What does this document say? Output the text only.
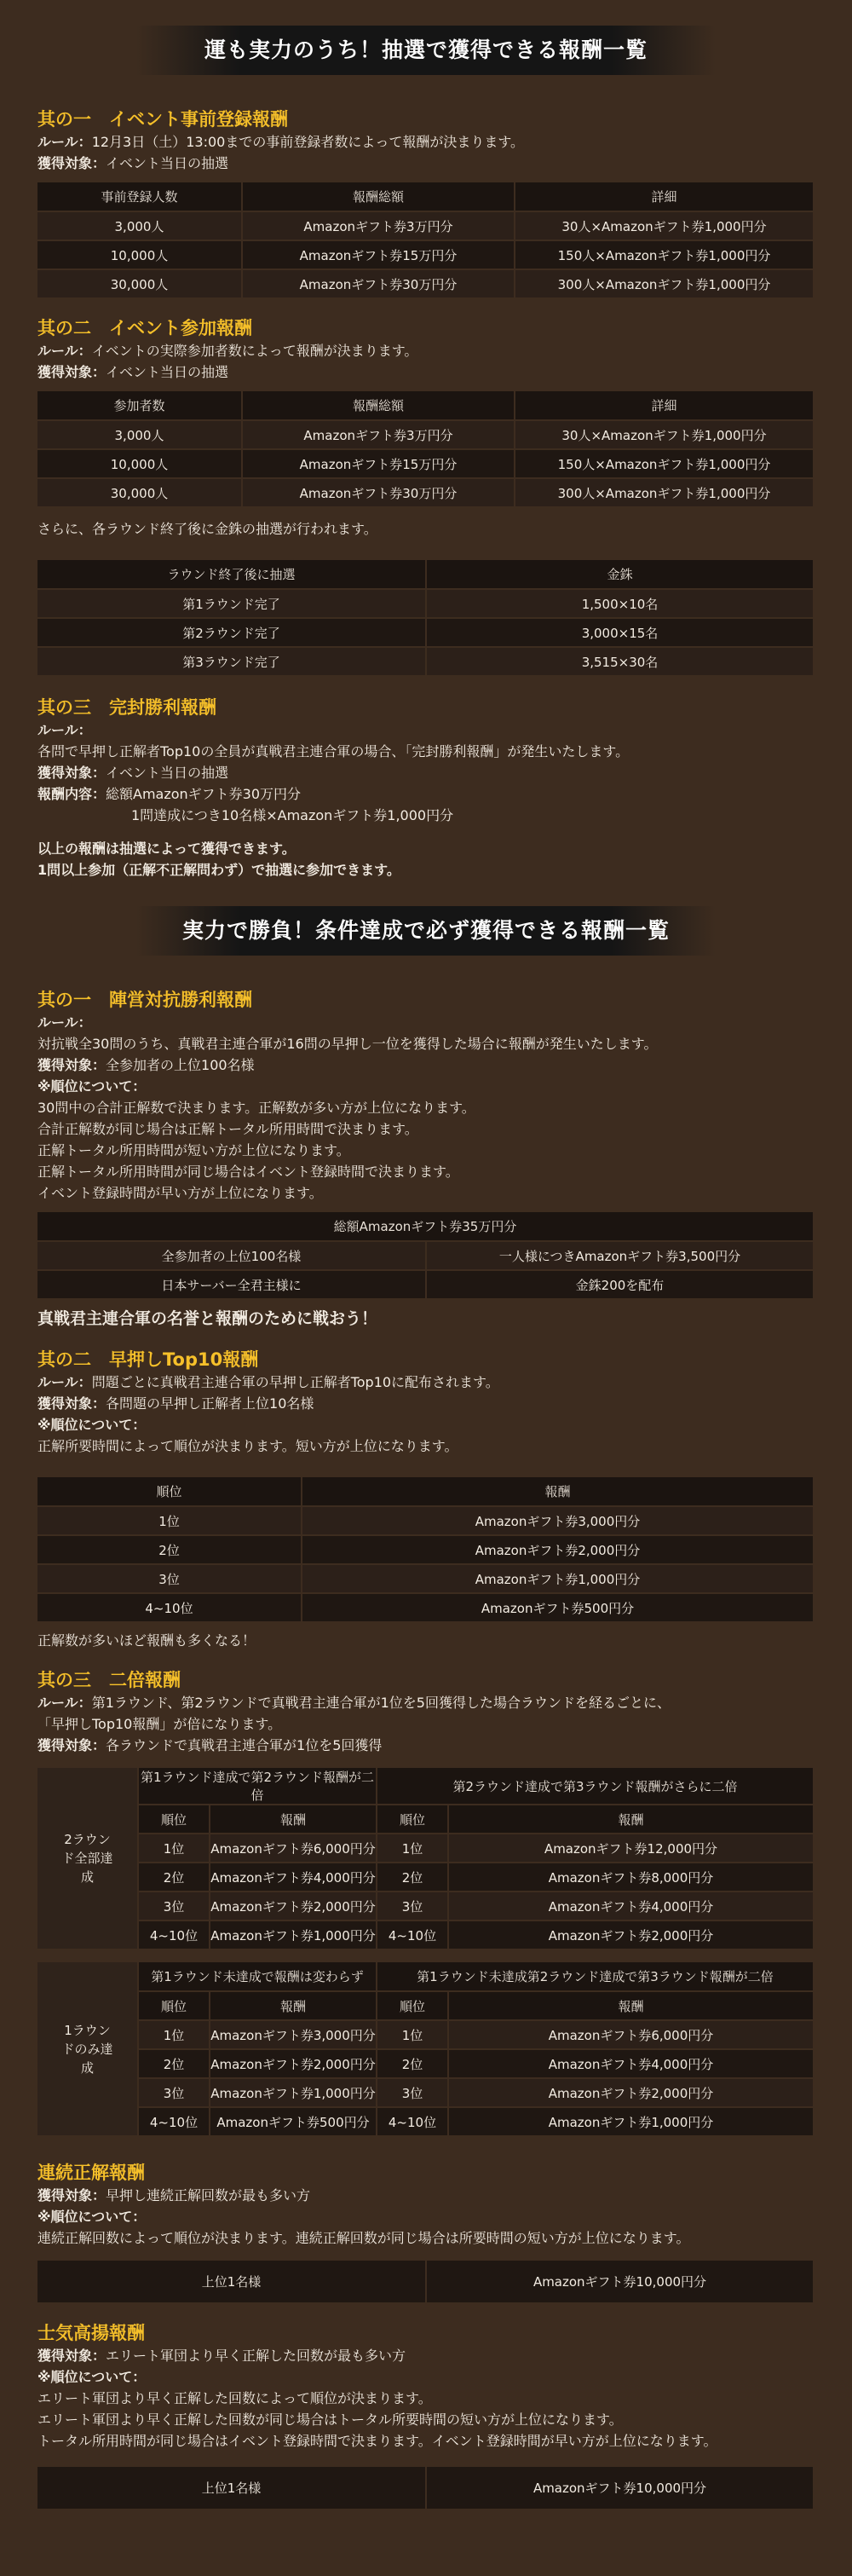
運も実力のうち！抽選で獲得できる報酬一覧
其の一　イベント事前登録報酬
ルール：12月3日（土）13:00までの事前登録者数によって報酬が決まります。
獲得対象：イベント当日の抽選
事前登録人数	報酬総額	詳細
3,000人	Amazonギフト券3万円分	30人×Amazonギフト券1,000円分
10,000人	Amazonギフト券15万円分	150人×Amazonギフト券1,000円分
30,000人	Amazonギフト券30万円分	300人×Amazonギフト券1,000円分
其の二　イベント参加報酬
ルール：イベントの実際参加者数によって報酬が決まります。
獲得対象：イベント当日の抽選
参加者数	報酬総額	詳細
3,000人	Amazonギフト券3万円分	30人×Amazonギフト券1,000円分
10,000人	Amazonギフト券15万円分	150人×Amazonギフト券1,000円分
30,000人	Amazonギフト券30万円分	300人×Amazonギフト券1,000円分
さらに、各ラウンド終了後に金銖の抽選が行われます。
ラウンド終了後に抽選	金銖
第1ラウンド完了	1,500×10名
第2ラウンド完了	3,000×15名
第3ラウンド完了	3,515×30名
其の三　完封勝利報酬
ルール：
各問で早押し正解者Top10の全員が真戦君主連合軍の場合、「完封勝利報酬」が発生いたします。
獲得対象：イベント当日の抽選
報酬内容：総額Amazonギフト券30万円分
1問達成につき10名様×Amazonギフト券1,000円分
以上の報酬は抽選によって獲得できます。
1問以上参加（正解不正解問わず）で抽選に参加できます。
実力で勝負！条件達成で必ず獲得できる報酬一覧
其の一　陣営対抗勝利報酬
ルール：
対抗戦全30問のうち、真戦君主連合軍が16問の早押し一位を獲得した場合に報酬が発生いたします。
獲得対象：全参加者の上位100名様
※順位について：
30問中の合計正解数で決まります。正解数が多い方が上位になります。
合計正解数が同じ場合は正解トータル所用時間で決まります。
正解トータル所用時間が短い方が上位になります。
正解トータル所用時間が同じ場合はイベント登録時間で決まります。
イベント登録時間が早い方が上位になります。
総額Amazonギフト券35万円分	
全参加者の上位100名様	一人様につきAmazonギフト券3,500円分
日本サーバー全君主様に	金銖200を配布
真戦君主連合軍の名誉と報酬のために戦おう！
其の二　早押しTop10報酬
ルール：問題ごとに真戦君主連合軍の早押し正解者Top10に配布されます。
獲得対象：各問題の早押し正解者上位10名様
※順位について：
正解所要時間によって順位が決まります。短い方が上位になります。
順位	報酬
1位	Amazonギフト券3,000円分
2位	Amazonギフト券2,000円分
3位	Amazonギフト券1,000円分
4~10位	Amazonギフト券500円分
正解数が多いほど報酬も多くなる！
其の三　二倍報酬
ルール：第1ラウンド、第2ラウンドで真戦君主連合軍が1位を5回獲得した場合ラウンドを経るごとに、
「早押しTop10報酬」が倍になります。
獲得対象：各ラウンドで真戦君主連合軍が1位を5回獲得
2ラウンド全部達成	第1ラウンド達成で第2ラウンド報酬が二倍		第2ラウンド達成で第3ラウンド報酬がさらに二倍	
	順位	報酬	順位	報酬
	1位	Amazonギフト券6,000円分	1位	Amazonギフト券12,000円分
	2位	Amazonギフト券4,000円分	2位	Amazonギフト券8,000円分
	3位	Amazonギフト券2,000円分	3位	Amazonギフト券4,000円分
	4~10位	Amazonギフト券1,000円分	4~10位	Amazonギフト券2,000円分
1ラウンドのみ達成	第1ラウンド未達成で報酬は変わらず		第1ラウンド未達成第2ラウンド達成で第3ラウンド報酬が二倍	
	順位	報酬	順位	報酬
	1位	Amazonギフト券3,000円分	1位	Amazonギフト券6,000円分
	2位	Amazonギフト券2,000円分	2位	Amazonギフト券4,000円分
	3位	Amazonギフト券1,000円分	3位	Amazonギフト券2,000円分
	4~10位	Amazonギフト券500円分	4~10位	Amazonギフト券1,000円分
連続正解報酬
獲得対象：早押し連続正解回数が最も多い方
※順位について：
連続正解回数によって順位が決まります。連続正解回数が同じ場合は所要時間の短い方が上位になります。
上位1名様	Amazonギフト券10,000円分
士気高揚報酬
獲得対象：エリート軍団より早く正解した回数が最も多い方
※順位について：
エリート軍団より早く正解した回数によって順位が決まります。
エリート軍団より早く正解した回数が同じ場合はトータル所要時間の短い方が上位になります。
トータル所用時間が同じ場合はイベント登録時間で決まります。イベント登録時間が早い方が上位になります。
上位1名様	Amazonギフト券10,000円分
